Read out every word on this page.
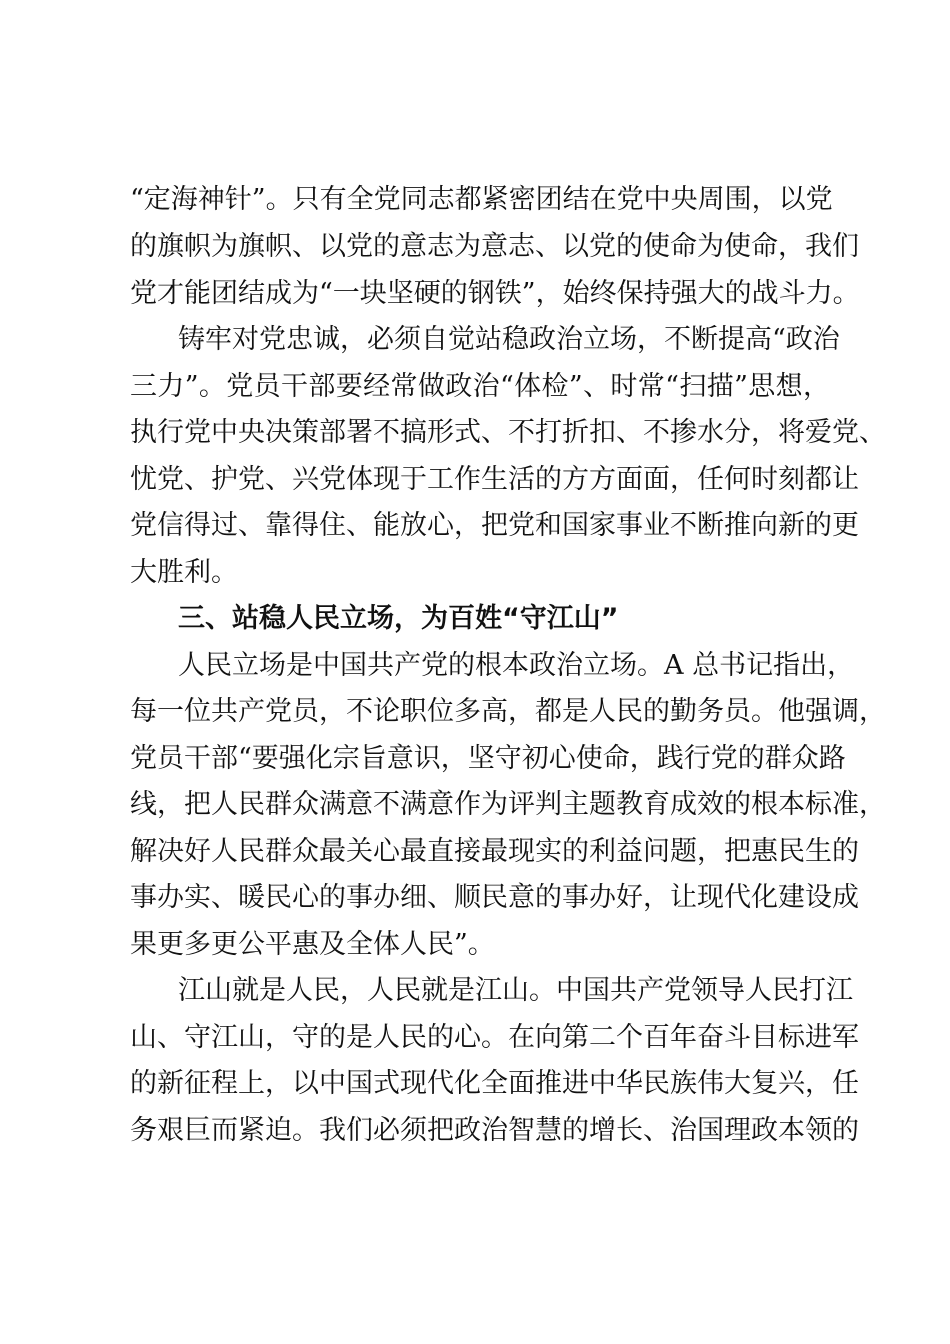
“定海神针”。只有全党同志都紧密团结在党中央周围，以党
的旗帜为旗帜、以党的意志为意志、以党的使命为使命，我们
党才能团结成为“一块坚硬的钢铁”，始终保持强大的战斗力。
铸牢对党忠诚，必须自觉站稳政治立场，不断提高“政治
三力”。党员干部要经常做政治“体检”、时常“扫描”思想，
执行党中央决策部署不搞形式、不打折扣、不掺水分，将爱党、
忧党、护党、兴党体现于工作生活的方方面面，任何时刻都让
党信得过、靠得住、能放心，把党和国家事业不断推向新的更
大胜利。
三、站稳人民立场，为百姓“守江山”
人民立场是中国共产党的根本政治立场。A 总书记指出，
每一位共产党员，不论职位多高，都是人民的勤务员。他强调，
党员干部“要强化宗旨意识，坚守初心使命，践行党的群众路
线，把人民群众满意不满意作为评判主题教育成效的根本标准，
解决好人民群众最关心最直接最现实的利益问题，把惠民生的
事办实、暖民心的事办细、顺民意的事办好，让现代化建设成
果更多更公平惠及全体人民”。
江山就是人民，人民就是江山。中国共产党领导人民打江
山、守江山，守的是人民的心。在向第二个百年奋斗目标进军
的新征程上，以中国式现代化全面推进中华民族伟大复兴，任
务艰巨而紧迫。我们必须把政治智慧的增长、治国理政本领的
